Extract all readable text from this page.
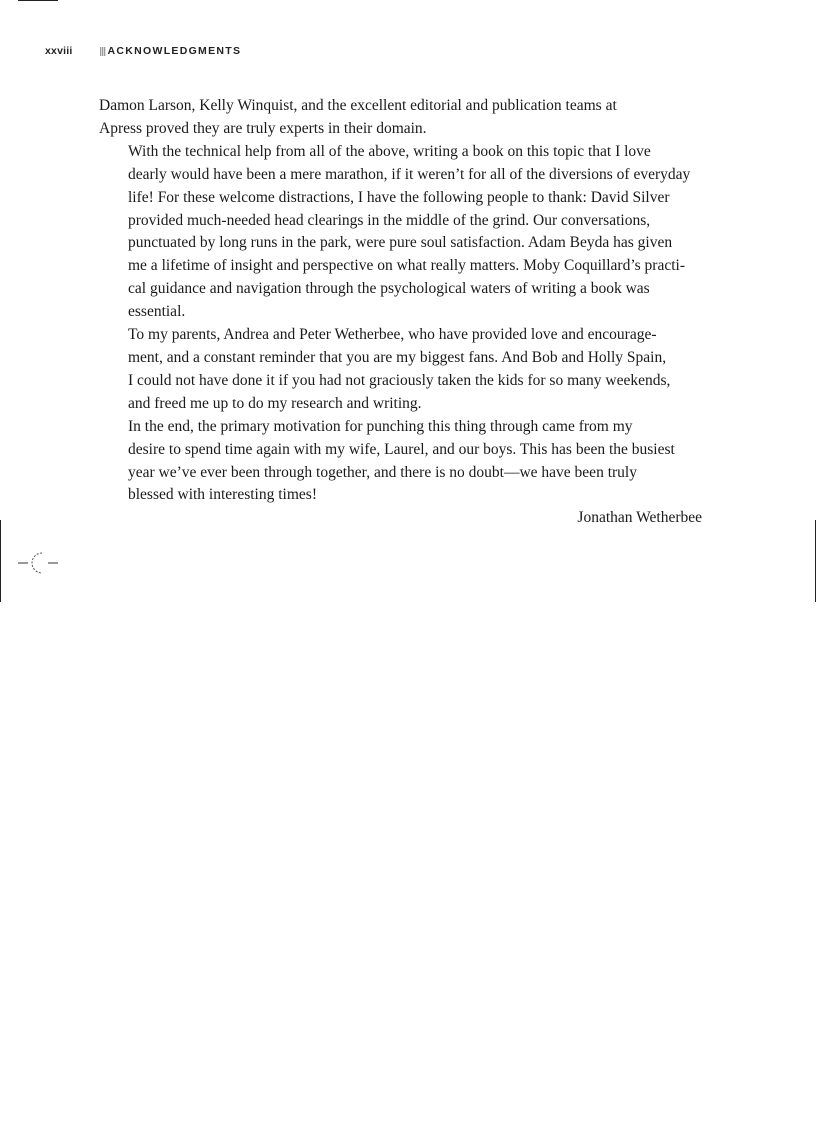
xxviii	ACKNOWLEDGMENTS

Damon Larson, Kelly Winquist, and the excellent editorial and publication teams at
Apress proved they are truly experts in their domain.

With the technical help from all of the above, writing a book on this topic that I love
dearly would have been a mere marathon, if it weren’t for all of the diversions of everyday
life! For these welcome distractions, I have the following people to thank: David Silver
provided much-needed head clearings in the middle of the grind. Our conversations,
punctuated by long runs in the park, were pure soul satisfaction. Adam Beyda has given
me a lifetime of insight and perspective on what really matters. Moby Coquillard’s practi-
cal guidance and navigation through the psychological waters of writing a book was
essential.

To my parents, Andrea and Peter Wetherbee, who have provided love and encourage-
ment, and a constant reminder that you are my biggest fans. And Bob and Holly Spain,
I could not have done it if you had not graciously taken the kids for so many weekends,
and freed me up to do my research and writing.

In the end, the primary motivation for punching this thing through came from my
desire to spend time again with my wife, Laurel, and our boys. This has been the busiest
year we’ve ever been through together, and there is no doubt—we have been truly
blessed with interesting times!

Jonathan Wetherbee
